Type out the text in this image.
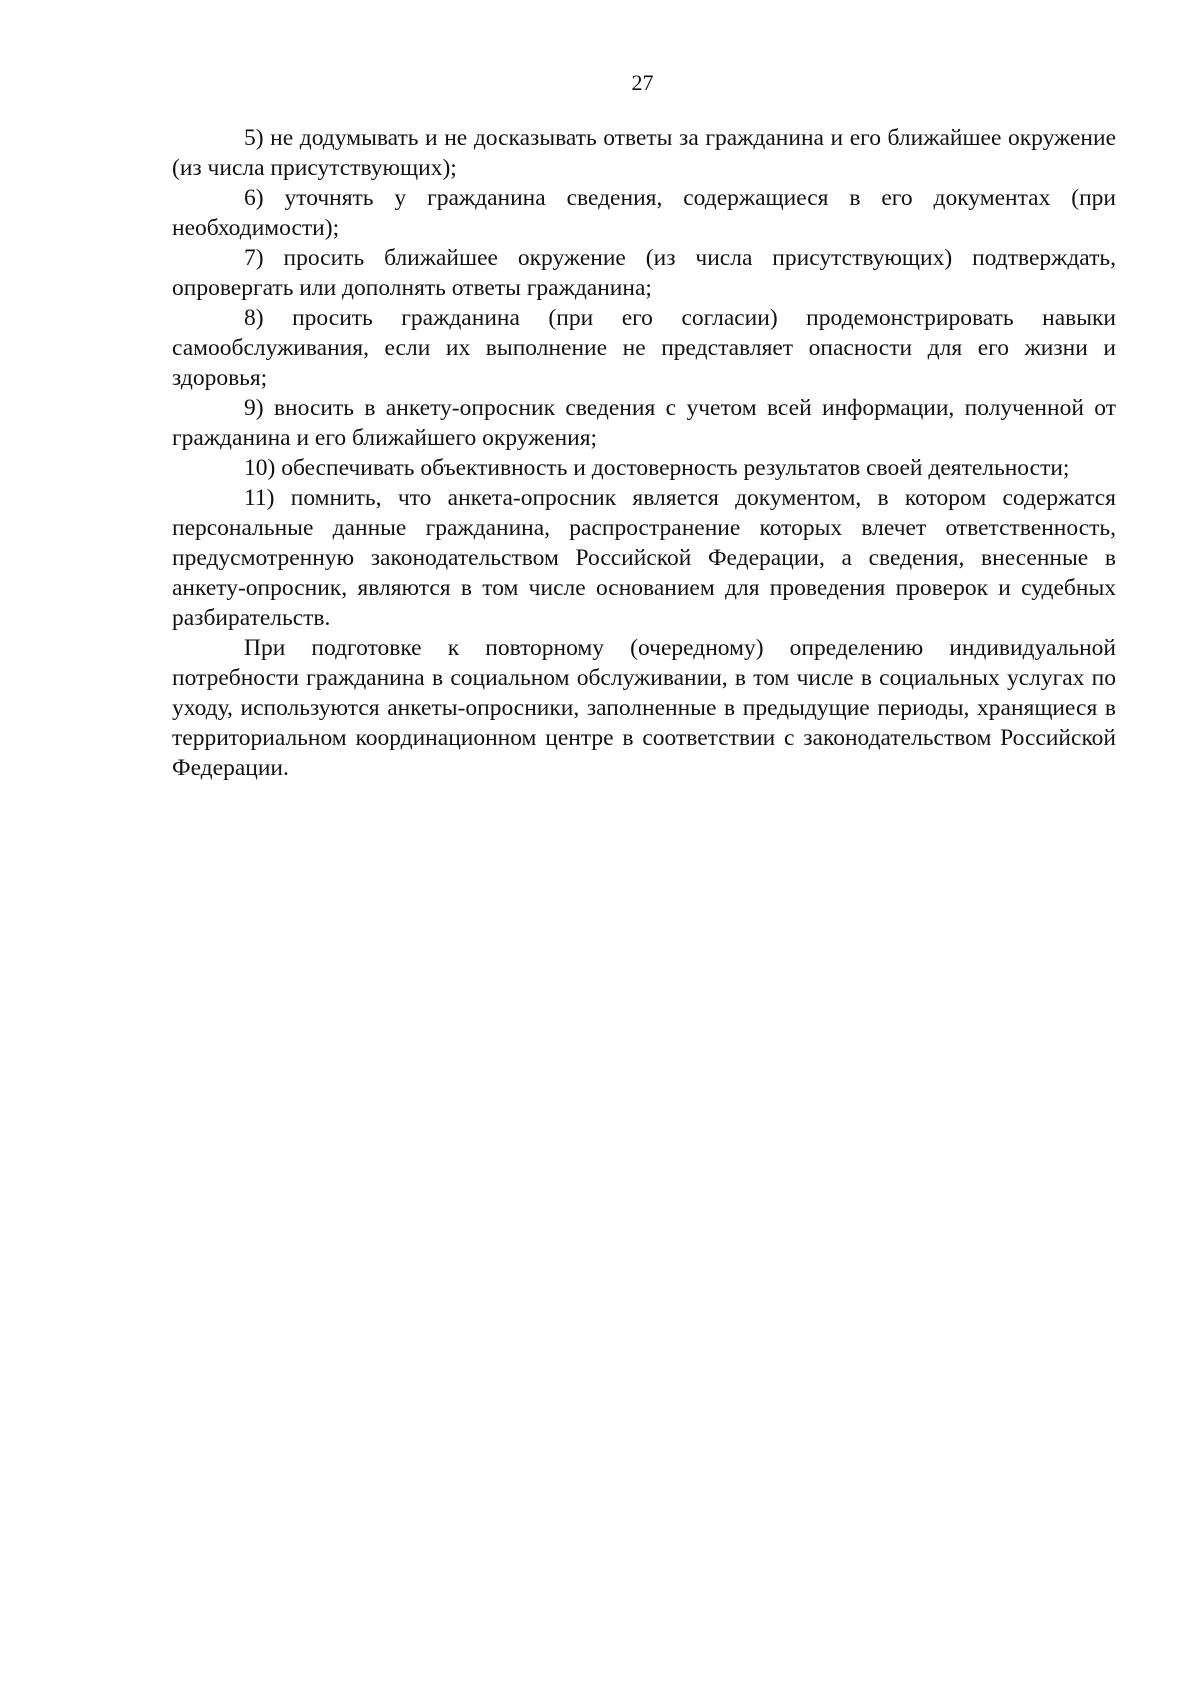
27

5) не додумывать и не досказывать ответы за гражданина и его ближайшее окружение (из числа присутствующих);

6) уточнять у гражданина сведения, содержащиеся в его документах (при необходимости);

7) просить ближайшее окружение (из числа присутствующих) подтверждать, опровергать или дополнять ответы гражданина;

8) просить гражданина (при его согласии) продемонстрировать навыки самообслуживания, если их выполнение не представляет опасности для его жизни и здоровья;

9) вносить в анкету-опросник сведения с учетом всей информации, полученной от гражданина и его ближайшего окружения;

10) обеспечивать объективность и достоверность результатов своей деятельности;

11) помнить, что анкета-опросник является документом, в котором содержатся персональные данные гражданина, распространение которых влечет ответственность, предусмотренную законодательством Российской Федерации, а сведения, внесенные в анкету-опросник, являются в том числе основанием для проведения проверок и судебных разбирательств.

При подготовке к повторному (очередному) определению индивидуальной потребности гражданина в социальном обслуживании, в том числе в социальных услугах по уходу, используются анкеты-опросники, заполненные в предыдущие периоды, хранящиеся в территориальном координационном центре в соответствии с законодательством Российской Федерации.
